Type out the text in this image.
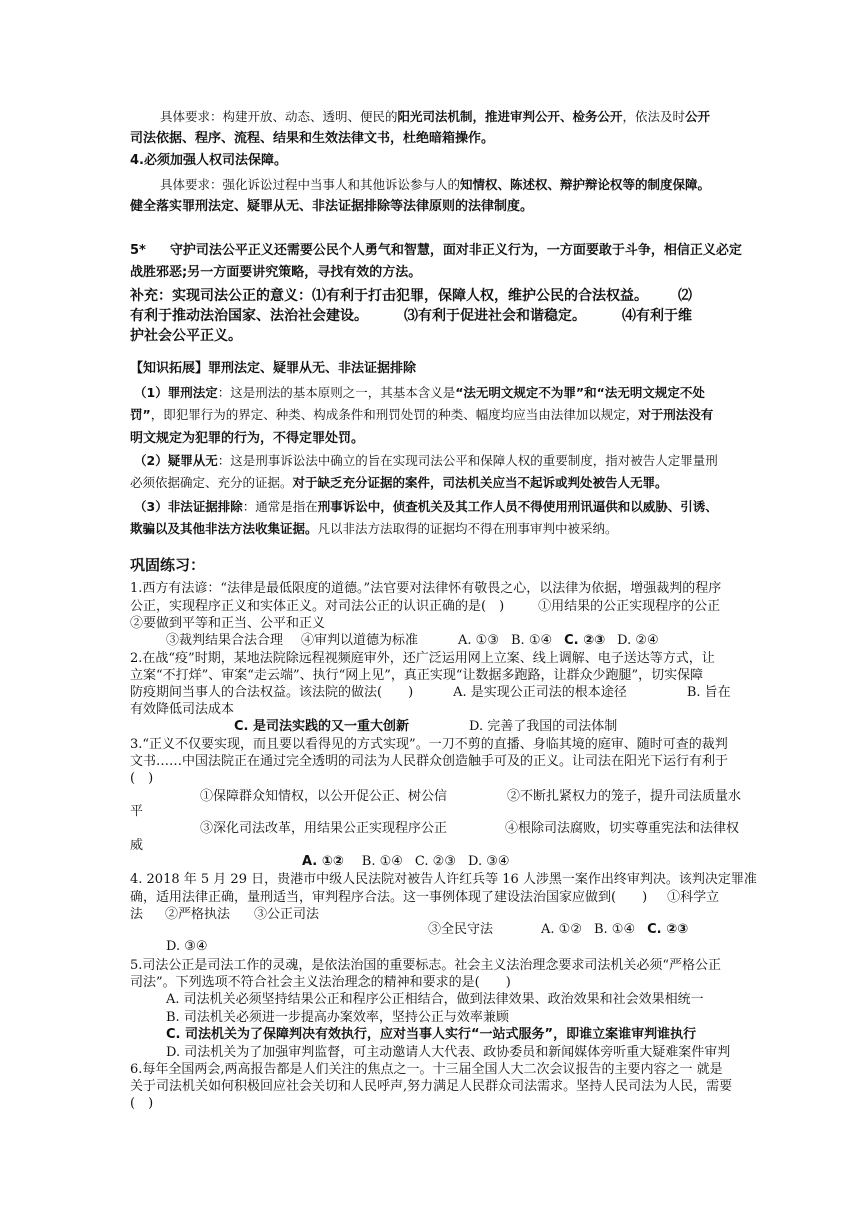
具体要求：构建开放、动态、透明、便民的阳光司法机制，推进审判公开、检务公开，依法及时公开
司法依据、程序、流程、结果和生效法律文书，杜绝暗箱操作。
4.必须加强人权司法保障。
具体要求：强化诉讼过程中当事人和其他诉讼参与人的知情权、陈述权、辩护辩论权等的制度保障。
健全落实罪刑法定、疑罪从无、非法证据排除等法律原则的法律制度。
5* 守护司法公平正义还需要公民个人勇气和智慧，面对非正义行为，一方面要敢于斗争，相信正义必定
战胜邪恶;另一方面要讲究策略，寻找有效的方法。
补充：实现司法公正的意义：⑴有利于打击犯罪，保障人权，维护公民的合法权益。 ⑵
有利于推动法治国家、法治社会建设。	⑶有利于促进社会和谐稳定。	⑷有利于维
护社会公平正义。
【知识拓展】罪刑法定、疑罪从无、非法证据排除
（1）罪刑法定：这是刑法的基本原则之一，其基本含义是“法无明文规定不为罪”和“法无明文规定不处
罚”，即犯罪行为的界定、种类、构成条件和刑罚处罚的种类、幅度均应当由法律加以规定，对于刑法没有
明文规定为犯罪的行为，不得定罪处罚。
（2）疑罪从无：这是刑事诉讼法中确立的旨在实现司法公平和保障人权的重要制度，指对被告人定罪量刑
必须依据确定、充分的证据。对于缺乏充分证据的案件，司法机关应当不起诉或判处被告人无罪。
（3）非法证据排除：通常是指在刑事诉讼中，侦查机关及其工作人员不得使用刑讯逼供和以威胁、引诱、
欺骗以及其他非法方法收集证据。凡以非法方法取得的证据均不得在刑事审判中被采纳。
巩固练习：
1.西方有法谚：“法律是最低限度的道德。”法官要对法律怀有敬畏之心，以法律为依据，增强裁判的程序
公正，实现程序正义和实体正义。对司法公正的认识正确的是(　)	①用结果的公正实现程序的公正
②要做到平等和正当、公平和正义
③裁判结果合法合理 ④审判以道德为标准	A. ①③ B. ①④ C. ②③ D. ②④
2.在战“疫”时期，某地法院除远程视频庭审外，还广泛运用网上立案、线上调解、电子送达等方式，让
立案“不打烊”、审案“走云端”、执行“网上见”，真正实现“让数据多跑路，让群众少跑腿”，切实保障
防疫期间当事人的合法权益。该法院的做法(　　)	A. 是实现公正司法的根本途径	B. 旨在
有效降低司法成本
C. 是司法实践的又一重大创新	D. 完善了我国的司法体制
3.“正义不仅要实现，而且要以看得见的方式实现”。一刀不剪的直播、身临其境的庭审、随时可查的裁判
文书……中国法院正在通过完全透明的司法为人民群众创造触手可及的正义。让司法在阳光下运行有利于
(　)
①保障群众知情权，以公开促公正、树公信	②不断扎紧权力的笼子，提升司法质量水
平
③深化司法改革，用结果公正实现程序公正	④根除司法腐败，切实尊重宪法和法律权
威
A. ①② B. ①④ C. ②③ D. ③④
4. 2018 年 5 月 29 日，贵港市中级人民法院对被告人许红兵等 16 人涉黑一案作出终审判决。该判决定罪准
确，适用法律正确，量刑适当，审判程序合法。这一事例体现了建设法治国家应做到(　　) ①科学立
法 ②严格执法 ③公正司法
③全民守法	A. ①② B. ①④ C. ②③
D. ③④
5.司法公正是司法工作的灵魂，是依法治国的重要标志。社会主义法治理念要求司法机关必须“严格公正
司法”。下列选项不符合社会主义法治理念的精神和要求的是(　　)
A. 司法机关必须坚持结果公正和程序公正相结合，做到法律效果、政治效果和社会效果相统一
B. 司法机关必须进一步提高办案效率，坚持公正与效率兼顾
C. 司法机关为了保障判决有效执行，应对当事人实行“一站式服务”，即谁立案谁审判谁执行
D. 司法机关为了加强审判监督，可主动邀请人大代表、政协委员和新闻媒体旁听重大疑难案件审判
6.每年全国两会,两高报告都是人们关注的焦点之一。十三届全国人大二次会议报告的主要内容之一 就是
关于司法机关如何积极回应社会关切和人民呼声,努力满足人民群众司法需求。坚持人民司法为人民，需要
(　)
